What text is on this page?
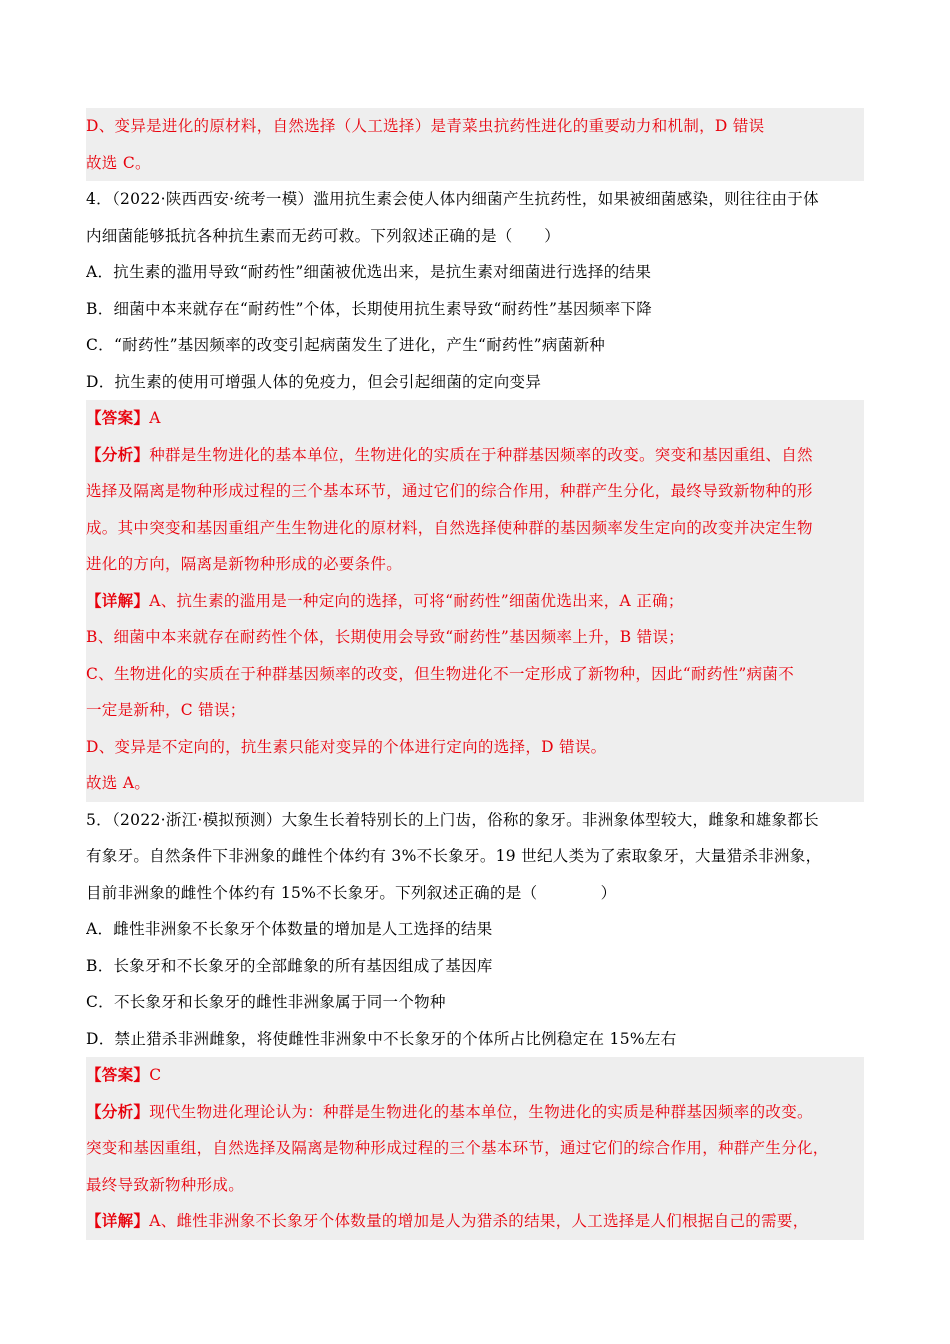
D、变异是进化的原材料，自然选择（人工选择）是青菜虫抗药性进化的重要动力和机制，D 错误
故选 C。
4．（2022·陕西西安·统考一模）滥用抗生素会使人体内细菌产生抗药性，如果被细菌感染，则往往由于体
内细菌能够抵抗各种抗生素而无药可救。下列叙述正确的是（　　）
A．抗生素的滥用导致“耐药性”细菌被优选出来，是抗生素对细菌进行选择的结果
B．细菌中本来就存在“耐药性”个体，长期使用抗生素导致“耐药性”基因频率下降
C．“耐药性”基因频率的改变引起病菌发生了进化，产生“耐药性”病菌新种
D．抗生素的使用可增强人体的免疫力，但会引起细菌的定向变异
【答案】A
【分析】种群是生物进化的基本单位，生物进化的实质在于种群基因频率的改变。突变和基因重组、自然
选择及隔离是物种形成过程的三个基本环节，通过它们的综合作用，种群产生分化，最终导致新物种的形
成。其中突变和基因重组产生生物进化的原材料，自然选择使种群的基因频率发生定向的改变并决定生物
进化的方向，隔离是新物种形成的必要条件。
【详解】A、抗生素的滥用是一种定向的选择，可将“耐药性”细菌优选出来，A 正确；
B、细菌中本来就存在耐药性个体，长期使用会导致“耐药性”基因频率上升，B 错误；
C、生物进化的实质在于种群基因频率的改变，但生物进化不一定形成了新物种，因此“耐药性”病菌不
一定是新种，C 错误；
D、变异是不定向的，抗生素只能对变异的个体进行定向的选择，D 错误。
故选 A。
5．（2022·浙江·模拟预测）大象生长着特别长的上门齿，俗称的象牙。非洲象体型较大，雌象和雄象都长
有象牙。自然条件下非洲象的雌性个体约有 3%不长象牙。19 世纪人类为了索取象牙，大量猎杀非洲象，
目前非洲象的雌性个体约有 15%不长象牙。下列叙述正确的是（　　　　）
A．雌性非洲象不长象牙个体数量的增加是人工选择的结果
B．长象牙和不长象牙的全部雌象的所有基因组成了基因库
C．不长象牙和长象牙的雌性非洲象属于同一个物种
D．禁止猎杀非洲雌象，将使雌性非洲象中不长象牙的个体所占比例稳定在 15%左右
【答案】C
【分析】现代生物进化理论认为：种群是生物进化的基本单位，生物进化的实质是种群基因频率的改变。
突变和基因重组，自然选择及隔离是物种形成过程的三个基本环节，通过它们的综合作用，种群产生分化，
最终导致新物种形成。
【详解】A、雌性非洲象不长象牙个体数量的增加是人为猎杀的结果，人工选择是人们根据自己的需要，
